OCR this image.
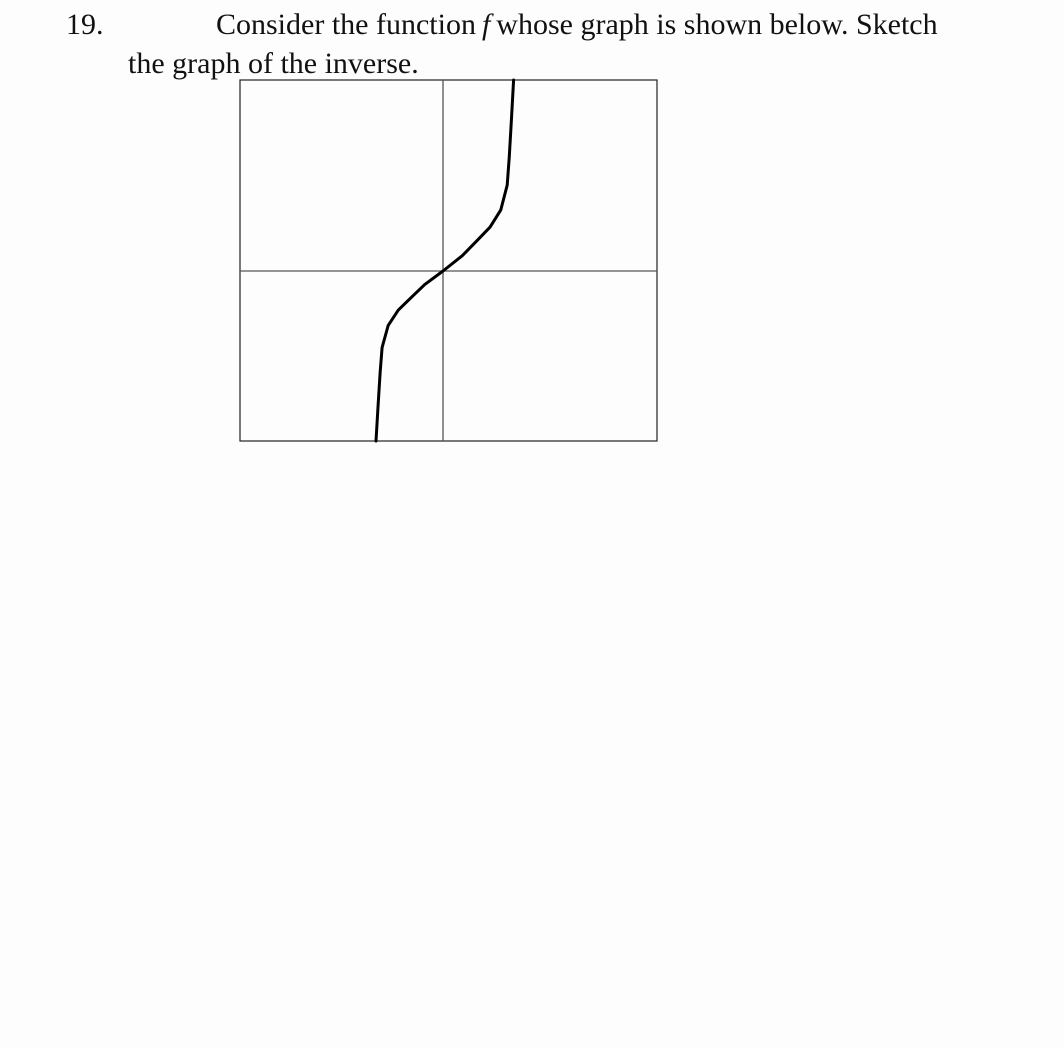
19.	Consider the function f whose graph is shown below. Sketch
the graph of the inverse.
